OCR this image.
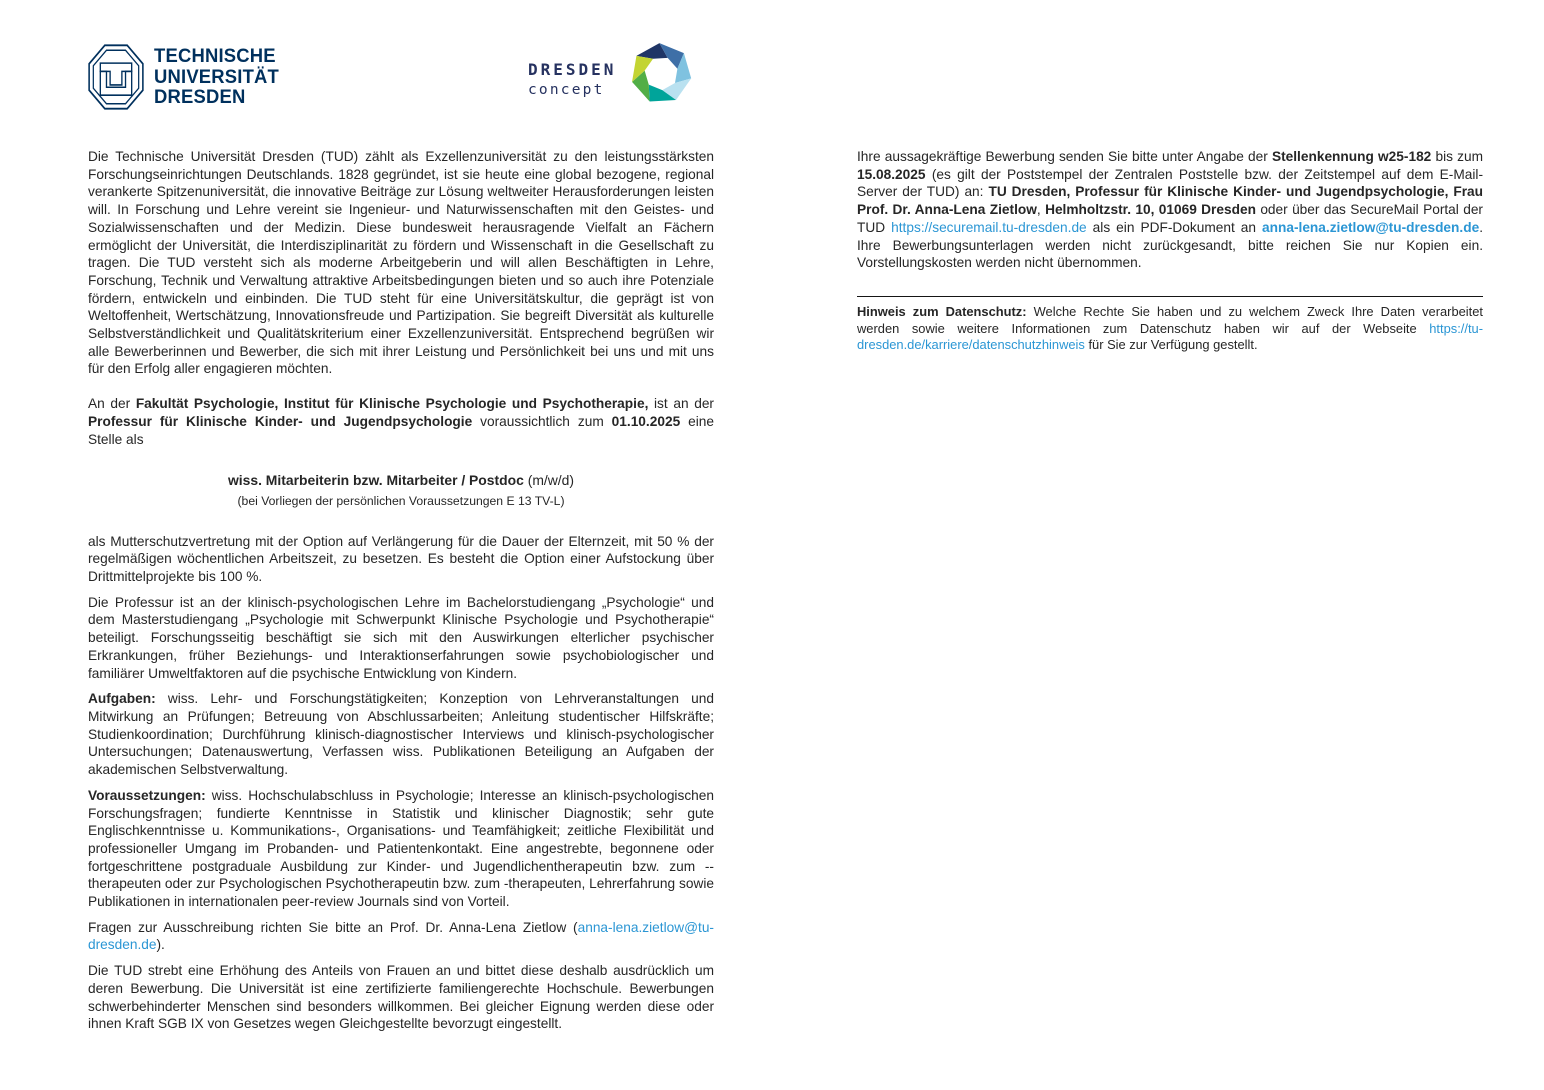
TECHNISCHE
UNIVERSITÄT
DRESDEN
DRESDEN
concept

Die Technische Universität Dresden (TUD) zählt als Exzellenzuniversität zu den leistungsstärksten Forschungseinrichtungen Deutschlands. 1828 gegründet, ist sie heute eine global bezogene, regional verankerte Spitzenuniversität, die innovative Beiträge zur Lösung weltweiter Herausforderungen leisten will. In Forschung und Lehre vereint sie Ingenieur- und Naturwissenschaften mit den Geistes- und Sozialwissenschaften und der Medizin. Diese bundesweit herausragende Vielfalt an Fächern ermöglicht der Universität, die Interdisziplinarität zu fördern und Wissenschaft in die Gesellschaft zu tragen. Die TUD versteht sich als moderne Arbeitgeberin und will allen Beschäftigten in Lehre, Forschung, Technik und Verwaltung attraktive Arbeitsbedingungen bieten und so auch ihre Potenziale fördern, entwickeln und einbinden. Die TUD steht für eine Universitätskultur, die geprägt ist von Weltoffenheit, Wertschätzung, Innovationsfreude und Partizipation. Sie begreift Diversität als kulturelle Selbstverständlichkeit und Qualitätskriterium einer Exzellenzuniversität. Entsprechend begrüßen wir alle Bewerberinnen und Bewerber, die sich mit ihrer Leistung und Persönlichkeit bei uns und mit uns für den Erfolg aller engagieren möchten.

An der Fakultät Psychologie, Institut für Klinische Psychologie und Psychotherapie, ist an der Professur für Klinische Kinder- und Jugendpsychologie voraussichtlich zum 01.10.2025 eine Stelle als

wiss. Mitarbeiterin bzw. Mitarbeiter / Postdoc (m/w/d)

(bei Vorliegen der persönlichen Voraussetzungen E 13 TV-L)

als Mutterschutzvertretung mit der Option auf Verlängerung für die Dauer der Elternzeit, mit 50 % der regelmäßigen wöchentlichen Arbeitszeit, zu besetzen. Es besteht die Option einer Aufstockung über Drittmittelprojekte bis 100 %.

Die Professur ist an der klinisch-psychologischen Lehre im Bachelorstudiengang „Psychologie“ und dem Masterstudiengang „Psychologie mit Schwerpunkt Klinische Psychologie und Psychotherapie“ beteiligt. Forschungsseitig beschäftigt sie sich mit den Auswirkungen elterlicher psychischer Erkrankungen, früher Beziehungs- und Interaktionserfahrungen sowie psychobiologischer und familiärer Umweltfaktoren auf die psychische Entwicklung von Kindern.

Aufgaben: wiss. Lehr- und Forschungstätigkeiten; Konzeption von Lehrveranstaltungen und Mitwirkung an Prüfungen; Betreuung von Abschlussarbeiten; Anleitung studentischer Hilfskräfte; Studienkoordination; Durchführung klinisch-diagnostischer Interviews und klinisch-psychologischer Untersuchungen; Datenauswertung, Verfassen wiss. Publikationen Beteiligung an Aufgaben der akademischen Selbstverwaltung.

Voraussetzungen: wiss. Hochschulabschluss in Psychologie; Interesse an klinisch-psychologischen Forschungsfragen; fundierte Kenntnisse in Statistik und klinischer Diagnostik; sehr gute Englischkenntnisse u. Kommunikations-, Organisations- und Teamfähigkeit; zeitliche Flexibilität und professioneller Umgang im Probanden- und Patientenkontakt. Eine angestrebte, begonnene oder fortgeschrittene postgraduale Ausbildung zur Kinder- und Jugendlichentherapeutin bzw. zum --therapeuten oder zur Psychologischen Psychotherapeutin bzw. zum -therapeuten, Lehrerfahrung sowie Publikationen in internationalen peer-review Journals sind von Vorteil.

Fragen zur Ausschreibung richten Sie bitte an Prof. Dr. Anna-Lena Zietlow (anna-lena.zietlow@tu-dresden.de).

Die TUD strebt eine Erhöhung des Anteils von Frauen an und bittet diese deshalb ausdrücklich um deren Bewerbung. Die Universität ist eine zertifizierte familiengerechte Hochschule. Bewerbungen schwerbehinderter Menschen sind besonders willkommen. Bei gleicher Eignung werden diese oder ihnen Kraft SGB IX von Gesetzes wegen Gleichgestellte bevorzugt eingestellt.

Ihre aussagekräftige Bewerbung senden Sie bitte unter Angabe der Stellenkennung w25-182 bis zum 15.08.2025 (es gilt der Poststempel der Zentralen Poststelle bzw. der Zeitstempel auf dem E-Mail-Server der TUD) an: TU Dresden, Professur für Klinische Kinder- und Jugendpsychologie, Frau Prof. Dr. Anna-Lena Zietlow, Helmholtzstr. 10, 01069 Dresden oder über das SecureMail Portal der TUD https://securemail.tu-dresden.de als ein PDF-Dokument an anna-lena.zietlow@tu-dresden.de. Ihre Bewerbungsunterlagen werden nicht zurückgesandt, bitte reichen Sie nur Kopien ein. Vorstellungskosten werden nicht übernommen.

Hinweis zum Datenschutz: Welche Rechte Sie haben und zu welchem Zweck Ihre Daten verarbeitet werden sowie weitere Informationen zum Datenschutz haben wir auf der Webseite https://tu-dresden.de/karriere/datenschutzhinweis für Sie zur Verfügung gestellt.
